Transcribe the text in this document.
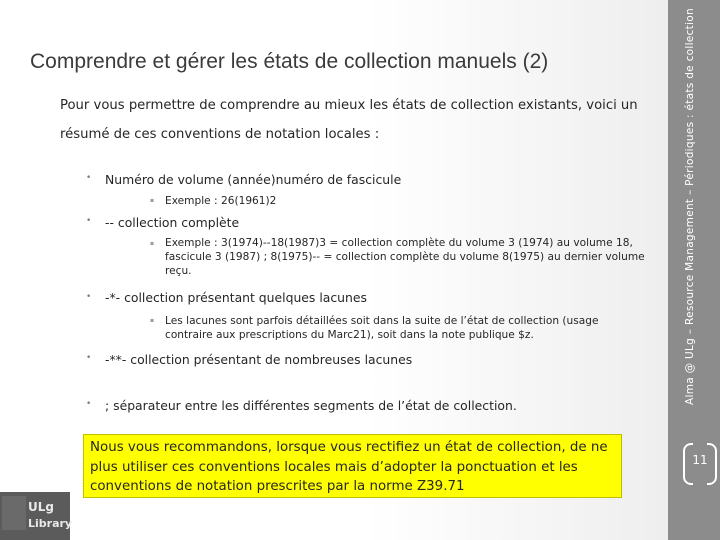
Alma @ ULg – Resource Management – Périodiques : états de collection
11
Comprendre et gérer les états de collection manuels (2)
Pour vous permettre de comprendre au mieux les états de collection existants, voici un résumé de ces conventions de notation locales :
• Numéro de volume (année)numéro de fascicule
▪ Exemple : 26(1961)2
• -- collection complète
▪ Exemple : 3(1974)--18(1987)3 = collection complète du volume 3 (1974) au volume 18, fascicule 3 (1987) ; 8(1975)-- = collection complète du volume 8(1975) au dernier volume reçu.
• -*- collection présentant quelques lacunes
▪ Les lacunes sont parfois détaillées soit dans la suite de l’état de collection (usage contraire aux prescriptions du Marc21), soit dans la note publique $z.
• -**- collection présentant de nombreuses lacunes
• ; séparateur entre les différentes segments de l’état de collection.
Nous vous recommandons, lorsque vous rectifiez un état de collection, de ne plus utiliser ces conventions locales mais d’adopter la ponctuation et les conventions de notation prescrites par la norme Z39.71
ULg
Library
